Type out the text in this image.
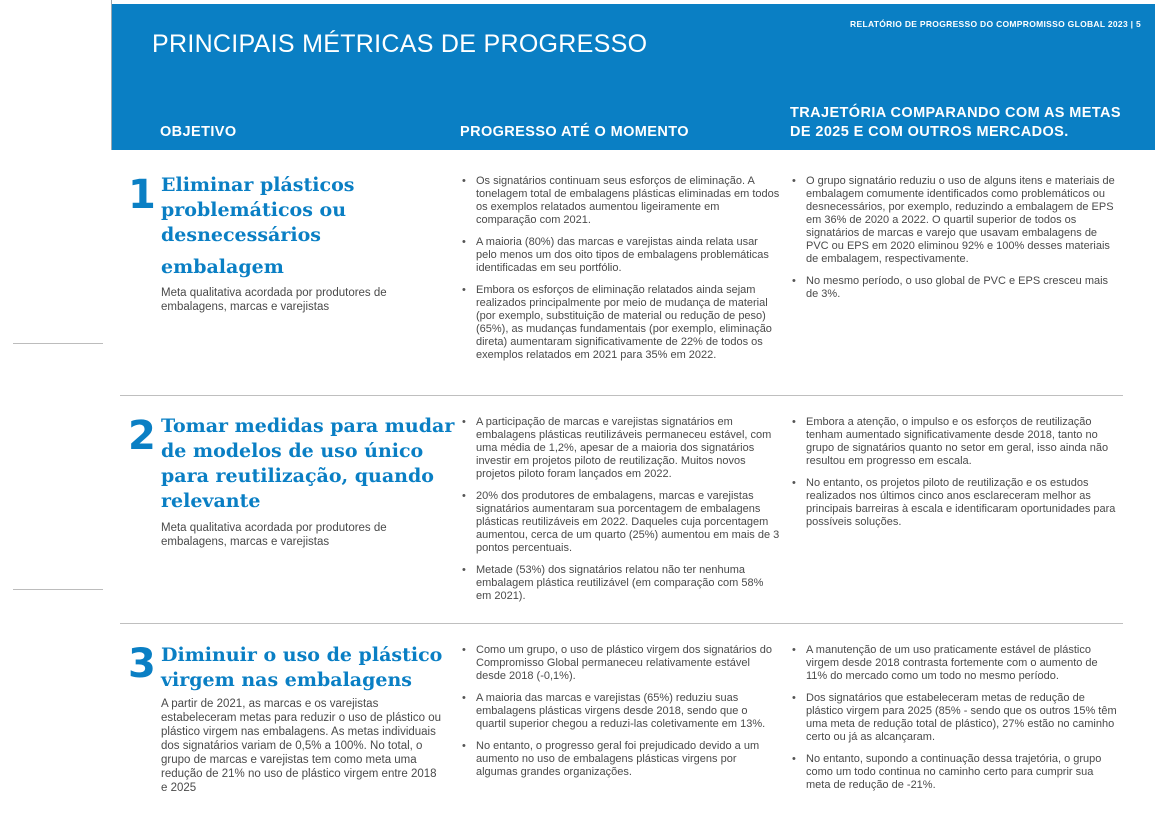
RELATÓRIO DE PROGRESSO DO COMPROMISSO GLOBAL 2023 | 5
PRINCIPAIS MÉTRICAS DE PROGRESSO
OBJETIVO	PROGRESSO ATÉ O MOMENTO
TRAJETÓRIA COMPARANDO COM AS METAS
DE 2025 E COM OUTROS MERCADOS.
1 Eliminar plásticos
problemáticos ou
desnecessários
embalagem
Meta qualitativa acordada por produtores de embalagens, marcas e varejistas
• Os signatários continuam seus esforços de eliminação. A tonelagem total de embalagens plásticas eliminadas em todos os exemplos relatados aumentou ligeiramente em comparação com 2021.
• A maioria (80%) das marcas e varejistas ainda relata usar pelo menos um dos oito tipos de embalagens problemáticas identificadas em seu portfólio.
• Embora os esforços de eliminação relatados ainda sejam realizados principalmente por meio de mudança de material (por exemplo, substituição de material ou redução de peso) (65%), as mudanças fundamentais (por exemplo, eliminação direta) aumentaram significativamente de 22% de todos os exemplos relatados em 2021 para 35% em 2022.
• O grupo signatário reduziu o uso de alguns itens e materiais de embalagem comumente identificados como problemáticos ou desnecessários, por exemplo, reduzindo a embalagem de EPS em 36% de 2020 a 2022. O quartil superior de todos os signatários de marcas e varejo que usavam embalagens de PVC ou EPS em 2020 eliminou 92% e 100% desses materiais de embalagem, respectivamente.
• No mesmo período, o uso global de PVC e EPS cresceu mais de 3%.
2 Tomar medidas para mudar
de modelos de uso único
para reutilização, quando
relevante
Meta qualitativa acordada por produtores de embalagens, marcas e varejistas
• A participação de marcas e varejistas signatários em embalagens plásticas reutilizáveis permaneceu estável, com uma média de 1,2%, apesar de a maioria dos signatários investir em projetos piloto de reutilização. Muitos novos projetos piloto foram lançados em 2022.
• 20% dos produtores de embalagens, marcas e varejistas signatários aumentaram sua porcentagem de embalagens plásticas reutilizáveis em 2022. Daqueles cuja porcentagem aumentou, cerca de um quarto (25%) aumentou em mais de 3 pontos percentuais.
• Metade (53%) dos signatários relatou não ter nenhuma embalagem plástica reutilizável (em comparação com 58% em 2021).
• Embora a atenção, o impulso e os esforços de reutilização tenham aumentado significativamente desde 2018, tanto no grupo de signatários quanto no setor em geral, isso ainda não resultou em progresso em escala.
• No entanto, os projetos piloto de reutilização e os estudos realizados nos últimos cinco anos esclareceram melhor as principais barreiras à escala e identificaram oportunidades para possíveis soluções.
3 Diminuir o uso de plástico
virgem nas embalagens
A partir de 2021, as marcas e os varejistas estabeleceram metas para reduzir o uso de plástico ou plástico virgem nas embalagens. As metas individuais dos signatários variam de 0,5% a 100%. No total, o grupo de marcas e varejistas tem como meta uma redução de 21% no uso de plástico virgem entre 2018 e 2025
• Como um grupo, o uso de plástico virgem dos signatários do Compromisso Global permaneceu relativamente estável desde 2018 (-0,1%).
• A maioria das marcas e varejistas (65%) reduziu suas embalagens plásticas virgens desde 2018, sendo que o quartil superior chegou a reduzi-las coletivamente em 13%.
• No entanto, o progresso geral foi prejudicado devido a um aumento no uso de embalagens plásticas virgens por algumas grandes organizações.
• A manutenção de um uso praticamente estável de plástico virgem desde 2018 contrasta fortemente com o aumento de 11% do mercado como um todo no mesmo período.
• Dos signatários que estabeleceram metas de redução de plástico virgem para 2025 (85% - sendo que os outros 15% têm uma meta de redução total de plástico), 27% estão no caminho certo ou já as alcançaram.
• No entanto, supondo a continuação dessa trajetória, o grupo como um todo continua no caminho certo para cumprir sua meta de redução de -21%.
